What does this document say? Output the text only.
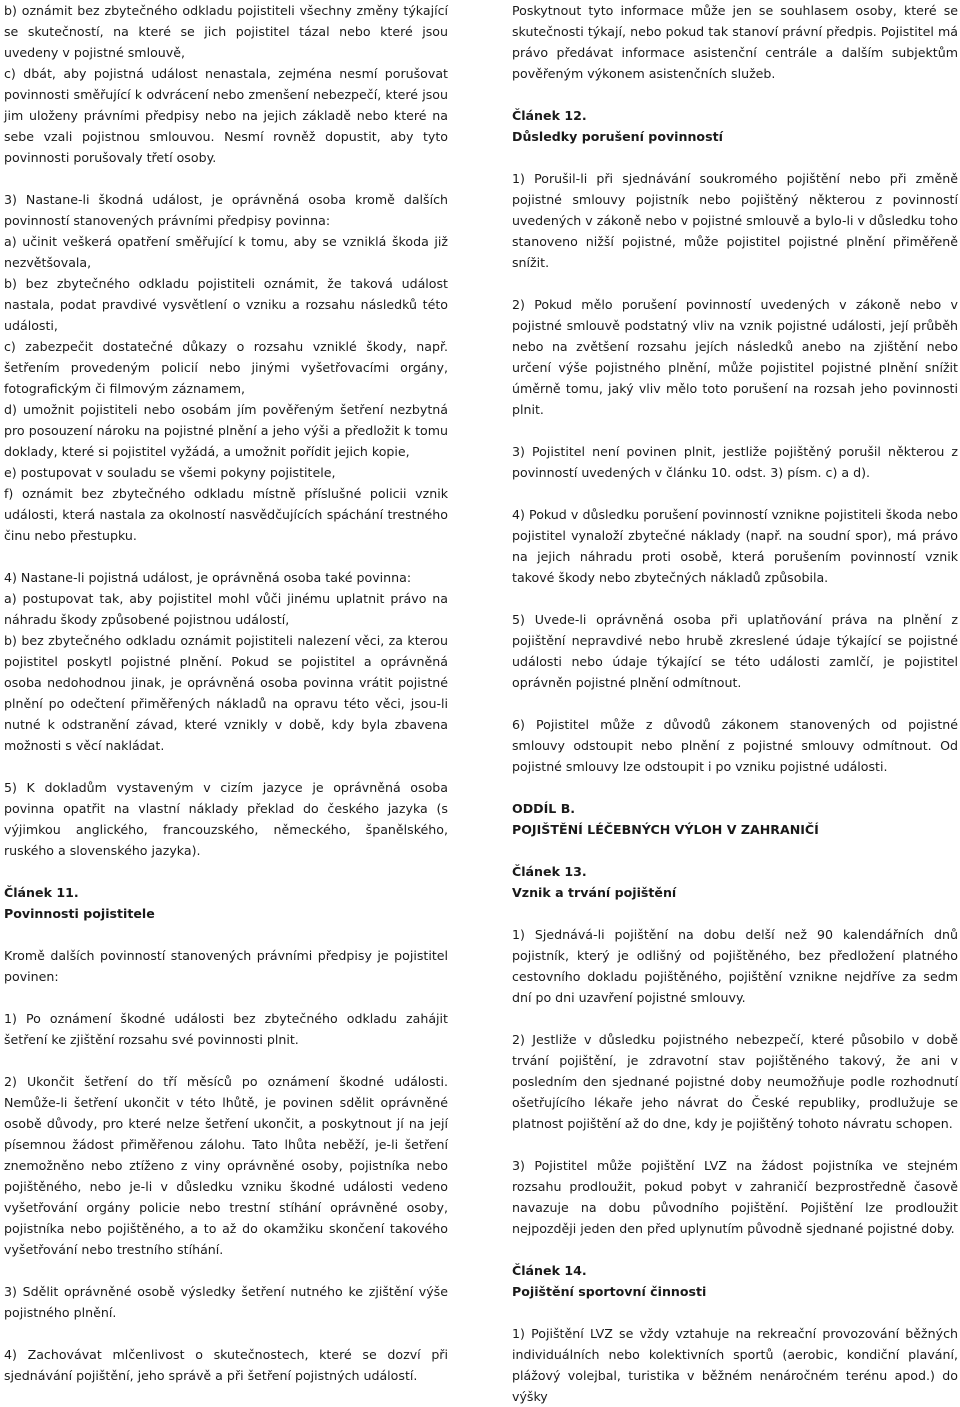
b) oznámit bez zbytečného odkladu pojistiteli všechny změny týkající se skutečností, na které se jich pojistitel tázal nebo které jsou uvedeny v pojistné smlouvě,

c) dbát, aby pojistná událost nenastala, zejména nesmí porušovat povinnosti směřující k odvrácení nebo zmenšení nebezpečí, které jsou jim uloženy právními předpisy nebo na jejich základě nebo které na sebe vzali pojistnou smlouvou. Nesmí rovněž dopustit, aby tyto povinnosti porušovaly třetí osoby.

3) Nastane-li škodná událost, je oprávněná osoba kromě dalších povinností stanovených právními předpisy povinna:

a) učinit veškerá opatření směřující k tomu, aby se vzniklá škoda již nezvětšovala,

b) bez zbytečného odkladu pojistiteli oznámit, že taková událost nastala, podat pravdivé vysvětlení o vzniku a rozsahu následků této události,

c) zabezpečit dostatečné důkazy o rozsahu vzniklé škody, např. šetřením provedeným policií nebo jinými vyšetřovacími orgány, fotografickým či filmovým záznamem,

d) umožnit pojistiteli nebo osobám jím pověřeným šetření nezbytná pro posouzení nároku na pojistné plnění a jeho výši a předložit k tomu doklady, které si pojistitel vyžádá, a umožnit pořídit jejich kopie,

e) postupovat v souladu se všemi pokyny pojistitele,

f) oznámit bez zbytečného odkladu místně příslušné policii vznik události, která nastala za okolností nasvědčujících spáchání trestného činu nebo přestupku.

4) Nastane-li pojistná událost, je oprávněná osoba také povinna:

a) postupovat tak, aby pojistitel mohl vůči jinému uplatnit právo na náhradu škody způsobené pojistnou událostí,

b) bez zbytečného odkladu oznámit pojistiteli nalezení věci, za kterou pojistitel poskytl pojistné plnění. Pokud se pojistitel a oprávněná osoba nedohodnou jinak, je oprávněná osoba povinna vrátit pojistné plnění po odečtení přiměřených nákladů na opravu této věci, jsou-li nutné k odstranění závad, které vznikly v době, kdy byla zbavena možnosti s věcí nakládat.

5) K dokladům vystaveným v cizím jazyce je oprávněná osoba povinna opatřit na vlastní náklady překlad do českého jazyka (s výjimkou anglického, francouzského, německého, španělského, ruského a slovenského jazyka).

Článek 11.

Povinnosti pojistitele

Kromě dalších povinností stanovených právními předpisy je pojistitel povinen:

1) Po oznámení škodné události bez zbytečného odkladu zahájit šetření ke zjištění rozsahu své povinnosti plnit.

2) Ukončit šetření do tří měsíců po oznámení škodné události. Nemůže-li šetření ukončit v této lhůtě, je povinen sdělit oprávněné osobě důvody, pro které nelze šetření ukončit, a poskytnout jí na její písemnou žádost přiměřenou zálohu. Tato lhůta neběží, je-li šetření znemožněno nebo ztíženo z viny oprávněné osoby, pojistníka nebo pojištěného, nebo je-li v důsledku vzniku škodné události vedeno vyšetřování orgány policie nebo trestní stíhání oprávněné osoby, pojistníka nebo pojištěného, a to až do okamžiku skončení takového vyšetřování nebo trestního stíhání.

3) Sdělit oprávněné osobě výsledky šetření nutného ke zjištění výše pojistného plnění.

4) Zachovávat mlčenlivost o skutečnostech, které se dozví při sjednávání pojištění, jeho správě a při šetření pojistných událostí.

Poskytnout tyto informace může jen se souhlasem osoby, které se skutečnosti týkají, nebo pokud tak stanoví právní předpis. Pojistitel má právo předávat informace asistenční centrále a dalším subjektům pověřeným výkonem asistenčních služeb.

Článek 12.

Důsledky porušení povinností

1) Porušil-li při sjednávání soukromého pojištění nebo při změně pojistné smlouvy pojistník nebo pojištěný některou z povinností uvedených v zákoně nebo v pojistné smlouvě a bylo-li v důsledku toho stanoveno nižší pojistné, může pojistitel pojistné plnění přiměřeně snížit.

2) Pokud mělo porušení povinností uvedených v zákoně nebo v pojistné smlouvě podstatný vliv na vznik pojistné události, její průběh nebo na zvětšení rozsahu jejích následků anebo na zjištění nebo určení výše pojistného plnění, může pojistitel pojistné plnění snížit úměrně tomu, jaký vliv mělo toto porušení na rozsah jeho povinnosti plnit.

3) Pojistitel není povinen plnit, jestliže pojištěný porušil některou z povinností uvedených v článku 10. odst. 3) písm. c) a d).

4) Pokud v důsledku porušení povinností vznikne pojistiteli škoda nebo pojistitel vynaloží zbytečné náklady (např. na soudní spor), má právo na jejich náhradu proti osobě, která porušením povinností vznik takové škody nebo zbytečných nákladů způsobila.

5) Uvede-li oprávněná osoba při uplatňování práva na plnění z pojištění nepravdivé nebo hrubě zkreslené údaje týkající se pojistné události nebo údaje týkající se této události zamlčí, je pojistitel oprávněn pojistné plnění odmítnout.

6) Pojistitel může z důvodů zákonem stanovených od pojistné smlouvy odstoupit nebo plnění z pojistné smlouvy odmítnout. Od pojistné smlouvy lze odstoupit i po vzniku pojistné události.

ODDÍL B.

POJIŠTĚNÍ LÉČEBNÝCH VÝLOH V ZAHRANIČÍ

Článek 13.

Vznik a trvání pojištění

1) Sjednává-li pojištění na dobu delší než 90 kalendářních dnů pojistník, který je odlišný od pojištěného, bez předložení platného cestovního dokladu pojištěného, pojištění vznikne nejdříve za sedm dní po dni uzavření pojistné smlouvy.

2) Jestliže v důsledku pojistného nebezpečí, které působilo v době trvání pojištění, je zdravotní stav pojištěného takový, že ani v posledním den sjednané pojistné doby neumožňuje podle rozhodnutí ošetřujícího lékaře jeho návrat do České republiky, prodlužuje se platnost pojištění až do dne, kdy je pojištěný tohoto návratu schopen.

3) Pojistitel může pojištění LVZ na žádost pojistníka ve stejném rozsahu prodloužit, pokud pobyt v zahraničí bezprostředně časově navazuje na dobu původního pojištění. Pojištění lze prodloužit nejpozději jeden den před uplynutím původně sjednané pojistné doby.

Článek 14.

Pojištění sportovní činnosti

1) Pojištění LVZ se vždy vztahuje na rekreační provozování běžných individuálních nebo kolektivních sportů (aerobic, kondiční plavání, plážový volejbal, turistika v běžném nenáročném terénu apod.) do výšky
